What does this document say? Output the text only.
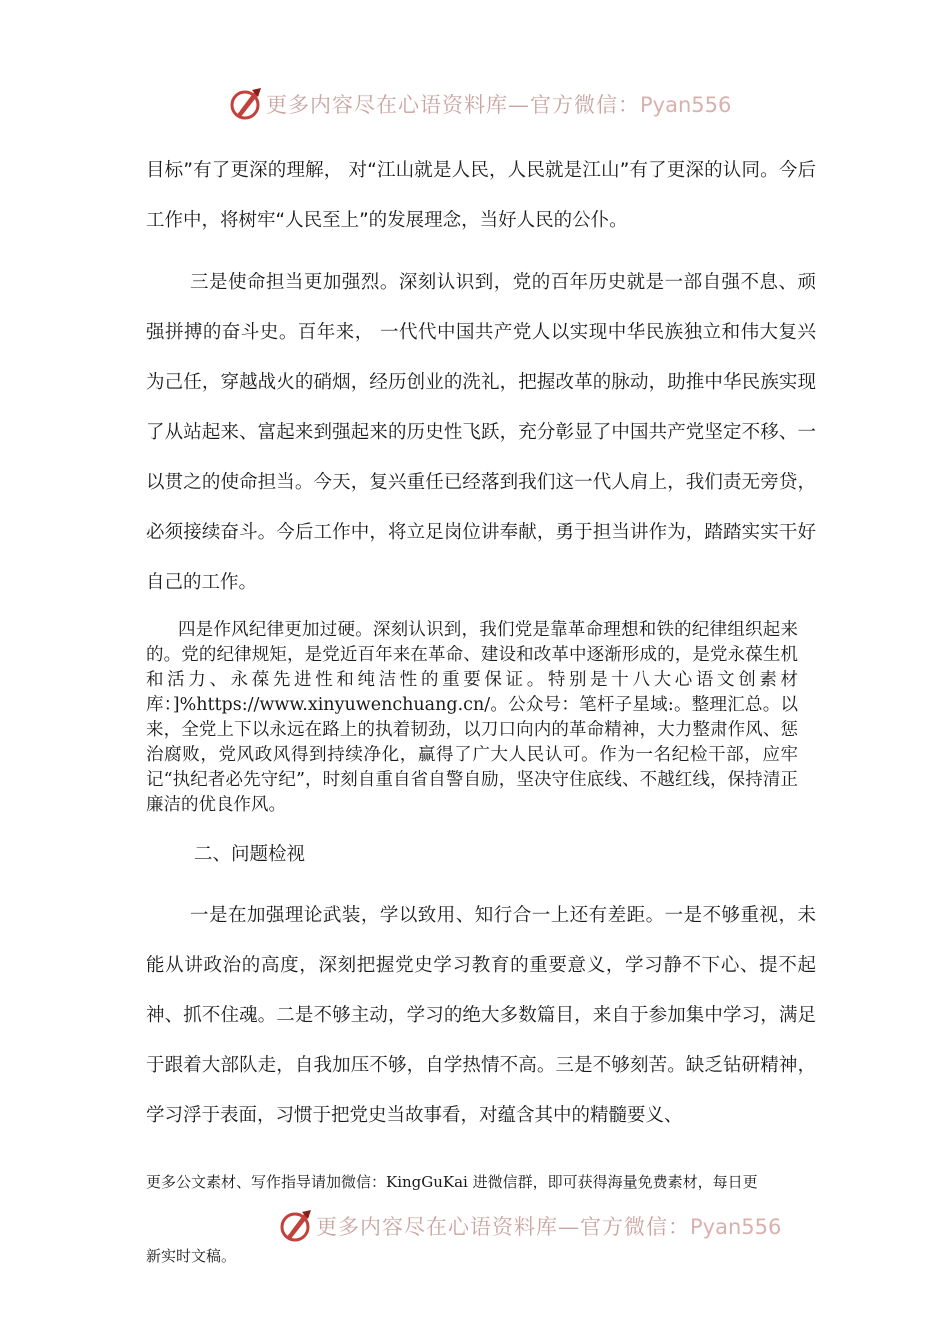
更多内容尽在心语资料库—官方微信：Pyan556

目标”有了更深的理解， 对“江山就是人民，人民就是江山”有了更深的认同。今后工作中，将树牢“人民至上”的发展理念，当好人民的公仆。

三是使命担当更加强烈。深刻认识到，党的百年历史就是一部自强不息、顽强拼搏的奋斗史。百年来， 一代代中国共产党人以实现中华民族独立和伟大复兴为己任，穿越战火的硝烟，经历创业的洗礼，把握改革的脉动，助推中华民族实现了从站起来、富起来到强起来的历史性飞跃，充分彰显了中国共产党坚定不移、一以贯之的使命担当。今天，复兴重任已经落到我们这一代人肩上，我们责无旁贷，必须接续奋斗。今后工作中，将立足岗位讲奉献，勇于担当讲作为，踏踏实实干好自己的工作。

四是作风纪律更加过硬。深刻认识到，我们党是靠革命理想和铁的纪律组织起来的。党的纪律规矩，是党近百年来在革命、建设和改革中逐渐形成的，是党永葆生机和活力、永葆先进性和纯洁性的重要保证。特别是十八大心语文创素材库：]%https://www.xinyuwenchuang.cn/。公众号：笔杆子星域:。整理汇总。以来，全党上下以永远在路上的执着韧劲，以刀口向内的革命精神，大力整肃作风、惩治腐败，党风政风得到持续净化，赢得了广大人民认可。作为一名纪检干部，应牢记“执纪者必先守纪”，时刻自重自省自警自励，坚决守住底线、不越红线，保持清正廉洁的优良作风。

二、问题检视

一是在加强理论武装，学以致用、知行合一上还有差距。一是不够重视，未能从讲政治的高度，深刻把握党史学习教育的重要意义，学习静不下心、提不起神、抓不住魂。二是不够主动，学习的绝大多数篇目，来自于参加集中学习，满足于跟着大部队走，自我加压不够，自学热情不高。三是不够刻苦。缺乏钻研精神，学习浮于表面，习惯于把党史当故事看，对蕴含其中的精髓要义、

更多公文素材、写作指导请加微信：KingGuKai 进微信群，即可获得海量免费素材，每日更

更多内容尽在心语资料库—官方微信：Pyan556

新实时文稿。
